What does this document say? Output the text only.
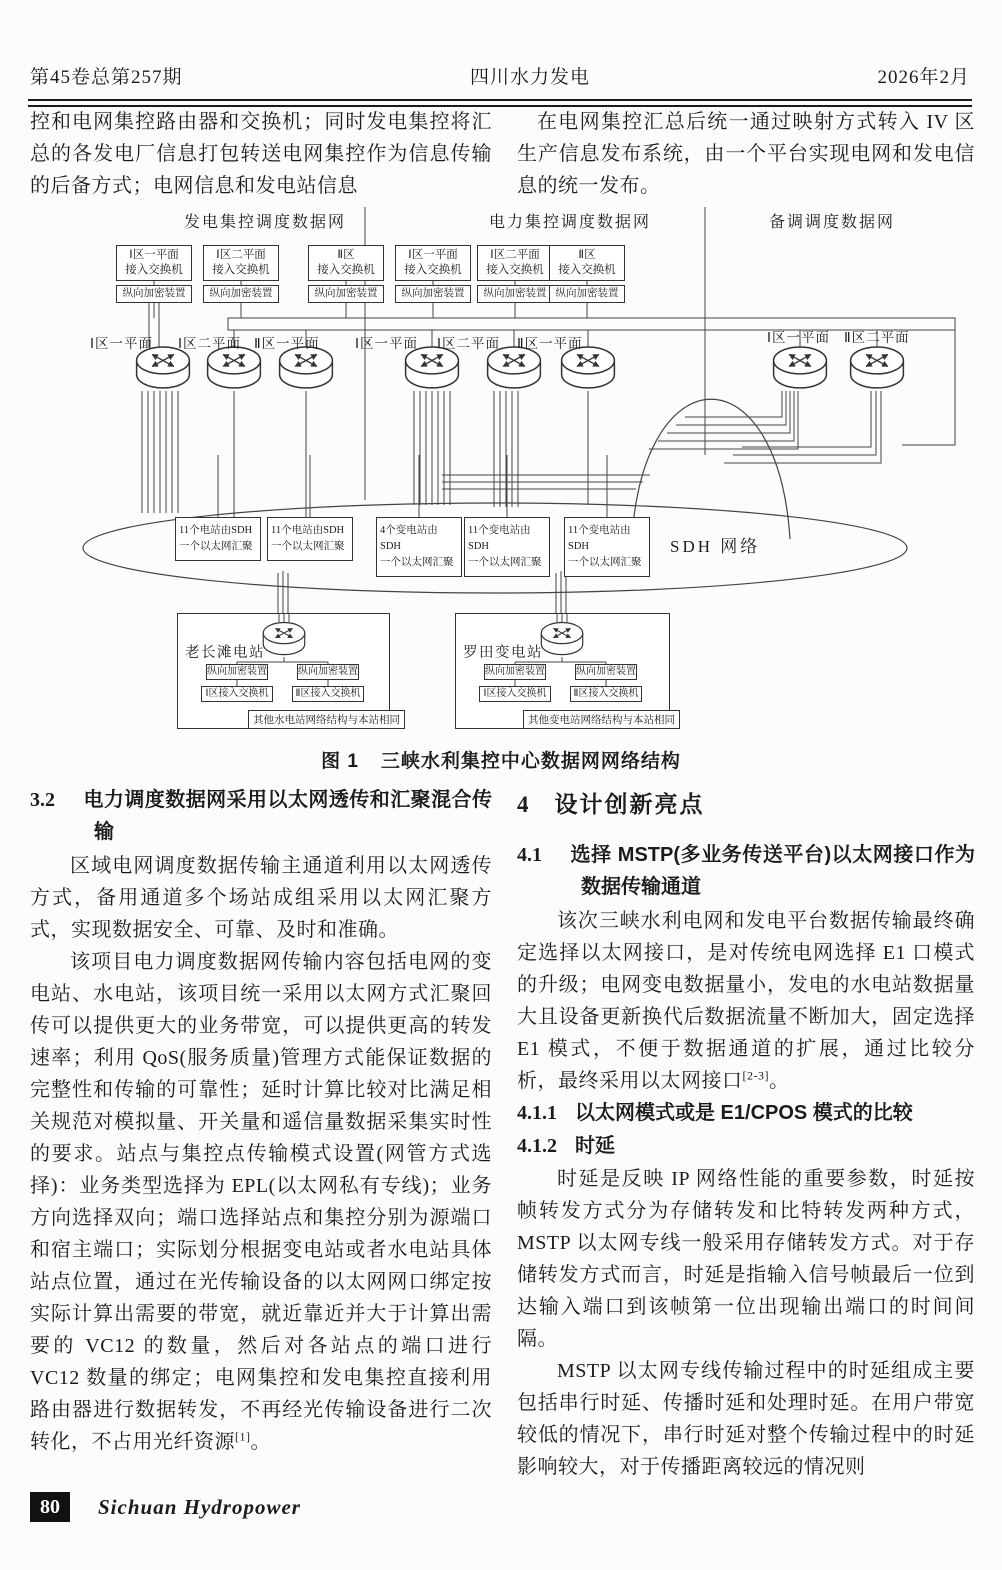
第45卷总第257期	四川水力发电	2026年2月

控和电网集控路由器和交换机；同时发电集控将汇总的各发电厂信息打包转送电网集控作为信息传输的后备方式；电网信息和发电站信息

在电网集控汇总后统一通过映射方式转入 IV 区生产信息发布系统，由一个平台实现电网和发电信息的统一发布。

发电集控调度数据网	电力集控调度数据网	备调调度数据网
Ⅰ区一平面
接入交换机
纵向加密装置
Ⅰ区二平面
接入交换机
纵向加密装置
Ⅱ区
接入交换机
纵向加密装置
Ⅰ区一平面
接入交换机
纵向加密装置
Ⅰ区二平面
接入交换机
纵向加密装置
Ⅱ区
接入交换机
纵向加密装置
Ⅰ区一平面 Ⅰ区二平面 Ⅱ区一平面	Ⅰ区一平面 Ⅰ区二平面 Ⅱ区一平面	Ⅰ区一平面 Ⅱ区二平面
11个电站由SDH
一个以太网汇聚
11个电站由SDH
一个以太网汇聚
4个变电站由SDH
一个以太网汇聚
11个变电站由SDH
一个以太网汇聚
11个变电站由SDH
一个以太网汇聚
SDH 网络
老长滩电站
纵向加密装置	纵向加密装置
Ⅰ区接入交换机	Ⅱ区接入交换机
其他水电站网络结构与本站相同
罗田变电站
纵向加密装置	纵向加密装置
Ⅰ区接入交换机	Ⅱ区接入交换机
其他变电站网络结构与本站相同
图 1 三峡水利集控中心数据网网络结构
3.2 电力调度数据网采用以太网透传和汇聚混合传输

区域电网调度数据传输主通道利用以太网透传方式，备用通道多个场站成组采用以太网汇聚方式，实现数据安全、可靠、及时和准确。

该项目电力调度数据网传输内容包括电网的变电站、水电站，该项目统一采用以太网方式汇聚回传可以提供更大的业务带宽，可以提供更高的转发速率；利用 QoS(服务质量)管理方式能保证数据的完整性和传输的可靠性；延时计算比较对比满足相关规范对模拟量、开关量和遥信量数据采集实时性的要求。站点与集控点传输模式设置(网管方式选择)：业务类型选择为 EPL(以太网私有专线)；业务方向选择双向；端口选择站点和集控分别为源端口和宿主端口；实际划分根据变电站或者水电站具体站点位置，通过在光传输设备的以太网网口绑定按实际计算出需要的带宽，就近靠近并大于计算出需要的 VC12 的数量，然后对各站点的端口进行 VC12 数量的绑定；电网集控和发电集控直接利用路由器进行数据转发，不再经光传输设备进行二次转化，不占用光纤资源[1]。

4 设计创新亮点
4.1 选择 MSTP(多业务传送平台)以太网接口作为数据传输通道

该次三峡水利电网和发电平台数据传输最终确定选择以太网接口，是对传统电网选择 E1 口模式的升级；电网变电数据量小，发电的水电站数据量大且设备更新换代后数据流量不断加大，固定选择 E1 模式，不便于数据通道的扩展，通过比较分析，最终采用以太网接口[2-3]。

4.1.1 以太网模式或是 E1/CPOS 模式的比较
4.1.2 时延

时延是反映 IP 网络性能的重要参数，时延按帧转发方式分为存储转发和比特转发两种方式，MSTP 以太网专线一般采用存储转发方式。对于存储转发方式而言，时延是指输入信号帧最后一位到达输入端口到该帧第一位出现输出端口的时间间隔。

MSTP 以太网专线传输过程中的时延组成主要包括串行时延、传播时延和处理时延。在用户带宽较低的情况下，串行时延对整个传输过程中的时延影响较大，对于传播距离较远的情况则

80	Sichuan Hydropower
